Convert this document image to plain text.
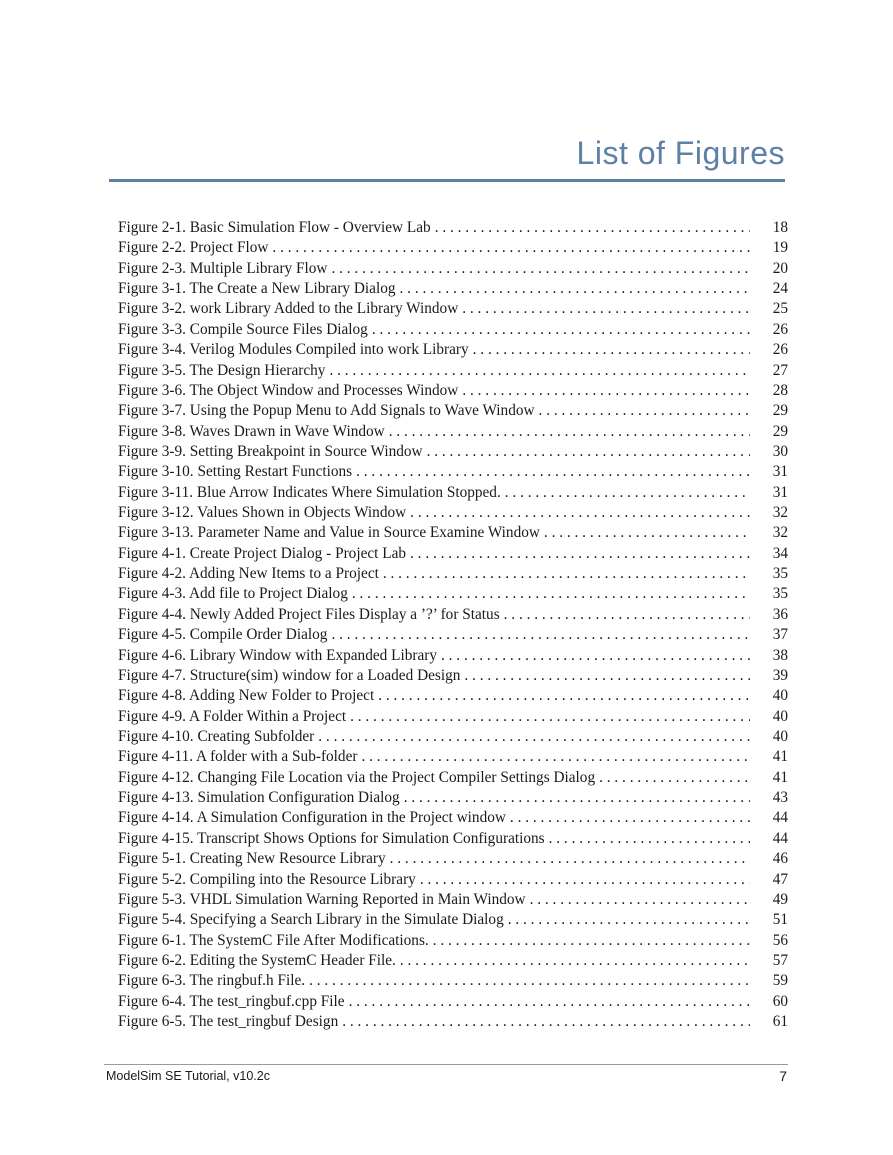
List of Figures
Figure 2-1. Basic Simulation Flow - Overview Lab . . .	18
Figure 2-2. Project Flow . . .	19
Figure 2-3. Multiple Library Flow . . .	20
Figure 3-1. The Create a New Library Dialog . . .	24
Figure 3-2. work Library Added to the Library Window . . .	25
Figure 3-3. Compile Source Files Dialog . . .	26
Figure 3-4. Verilog Modules Compiled into work Library . . .	26
Figure 3-5. The Design Hierarchy . . .	27
Figure 3-6. The Object Window and Processes Window . . .	28
Figure 3-7. Using the Popup Menu to Add Signals to Wave Window . . .	29
Figure 3-8. Waves Drawn in Wave Window . . .	29
Figure 3-9. Setting Breakpoint in Source Window . . .	30
Figure 3-10. Setting Restart Functions . . .	31
Figure 3-11. Blue Arrow Indicates Where Simulation Stopped. . . .	31
Figure 3-12. Values Shown in Objects Window . . .	32
Figure 3-13. Parameter Name and Value in Source Examine Window . . .	32
Figure 4-1. Create Project Dialog - Project Lab . . .	34
Figure 4-2. Adding New Items to a Project . . .	35
Figure 4-3. Add file to Project Dialog . . .	35
Figure 4-4. Newly Added Project Files Display a ’?’ for Status . . .	36
Figure 4-5. Compile Order Dialog . . .	37
Figure 4-6. Library Window with Expanded Library . . .	38
Figure 4-7. Structure(sim) window for a Loaded Design . . .	39
Figure 4-8. Adding New Folder to Project . . .	40
Figure 4-9. A Folder Within a Project . . .	40
Figure 4-10. Creating Subfolder . . .	40
Figure 4-11. A folder with a Sub-folder . . .	41
Figure 4-12. Changing File Location via the Project Compiler Settings Dialog . . .	41
Figure 4-13. Simulation Configuration Dialog . . .	43
Figure 4-14. A Simulation Configuration in the Project window . . .	44
Figure 4-15. Transcript Shows Options for Simulation Configurations . . .	44
Figure 5-1. Creating New Resource Library . . .	46
Figure 5-2. Compiling into the Resource Library . . .	47
Figure 5-3. VHDL Simulation Warning Reported in Main Window . . .	49
Figure 5-4. Specifying a Search Library in the Simulate Dialog . . .	51
Figure 6-1. The SystemC File After Modifications. . . .	56
Figure 6-2. Editing the SystemC Header File. . . .	57
Figure 6-3. The ringbuf.h File. . . .	59
Figure 6-4. The test_ringbuf.cpp File . . .	60
Figure 6-5. The test_ringbuf Design . . .	61
ModelSim SE Tutorial, v10.2c	7
